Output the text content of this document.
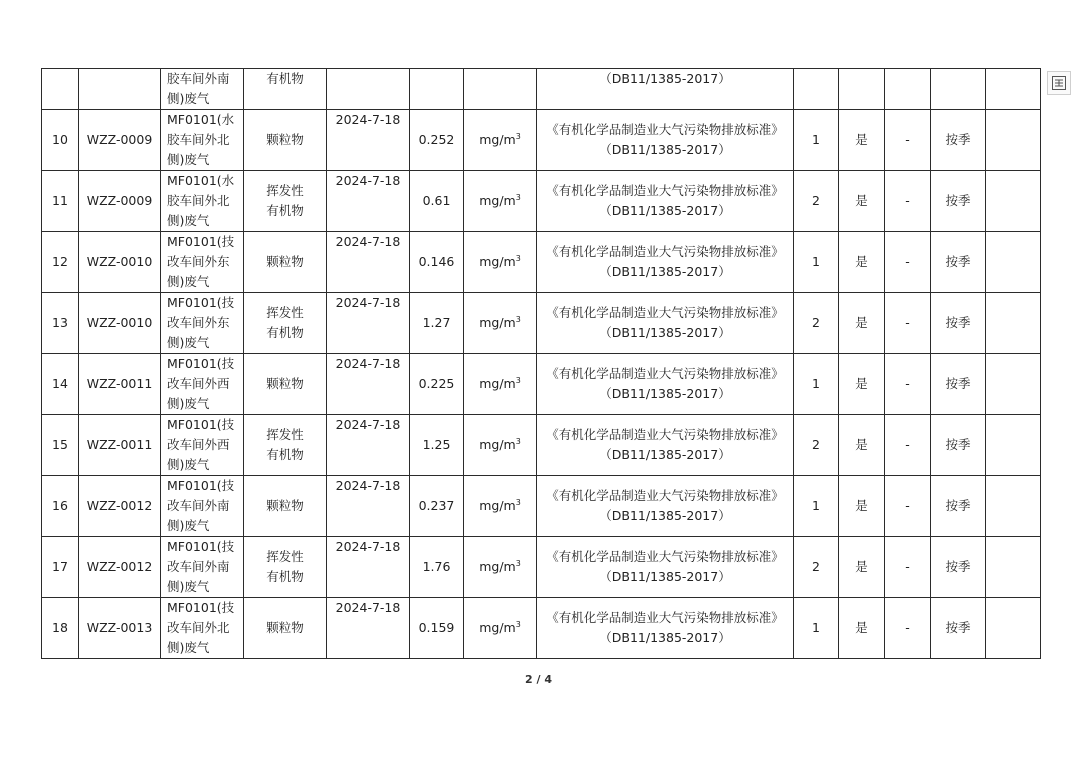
		胶车间外南
侧)废气	有机物				（DB11/1385-2017）					
10	WZZ-0009	MF0101(水
胶车间外北
侧)废气	颗粒物	2024-7-18	0.252	$mg/m^3$	《有机化学品制造业大气污染物排放标准》
（DB11/1385-2017）	1	是	-	按季	
11	WZZ-0009	MF0101(水
胶车间外北
侧)废气	挥发性
有机物	2024-7-18	0.61	$mg/m^3$	《有机化学品制造业大气污染物排放标准》
（DB11/1385-2017）	2	是	-	按季	
12	WZZ-0010	MF0101(技
改车间外东
侧)废气	颗粒物	2024-7-18	0.146	$mg/m^3$	《有机化学品制造业大气污染物排放标准》
（DB11/1385-2017）	1	是	-	按季	
13	WZZ-0010	MF0101(技
改车间外东
侧)废气	挥发性
有机物	2024-7-18	1.27	$mg/m^3$	《有机化学品制造业大气污染物排放标准》
（DB11/1385-2017）	2	是	-	按季	
14	WZZ-0011	MF0101(技
改车间外西
侧)废气	颗粒物	2024-7-18	0.225	$mg/m^3$	《有机化学品制造业大气污染物排放标准》
（DB11/1385-2017）	1	是	-	按季	
15	WZZ-0011	MF0101(技
改车间外西
侧)废气	挥发性
有机物	2024-7-18	1.25	$mg/m^3$	《有机化学品制造业大气污染物排放标准》
（DB11/1385-2017）	2	是	-	按季	
16	WZZ-0012	MF0101(技
改车间外南
侧)废气	颗粒物	2024-7-18	0.237	$mg/m^3$	《有机化学品制造业大气污染物排放标准》
（DB11/1385-2017）	1	是	-	按季	
17	WZZ-0012	MF0101(技
改车间外南
侧)废气	挥发性
有机物	2024-7-18	1.76	$mg/m^3$	《有机化学品制造业大气污染物排放标准》
（DB11/1385-2017）	2	是	-	按季	
18	WZZ-0013	MF0101(技
改车间外北
侧)废气	颗粒物	2024-7-18	0.159	$mg/m^3$	《有机化学品制造业大气污染物排放标准》
（DB11/1385-2017）	1	是	-	按季	
2 / 4
